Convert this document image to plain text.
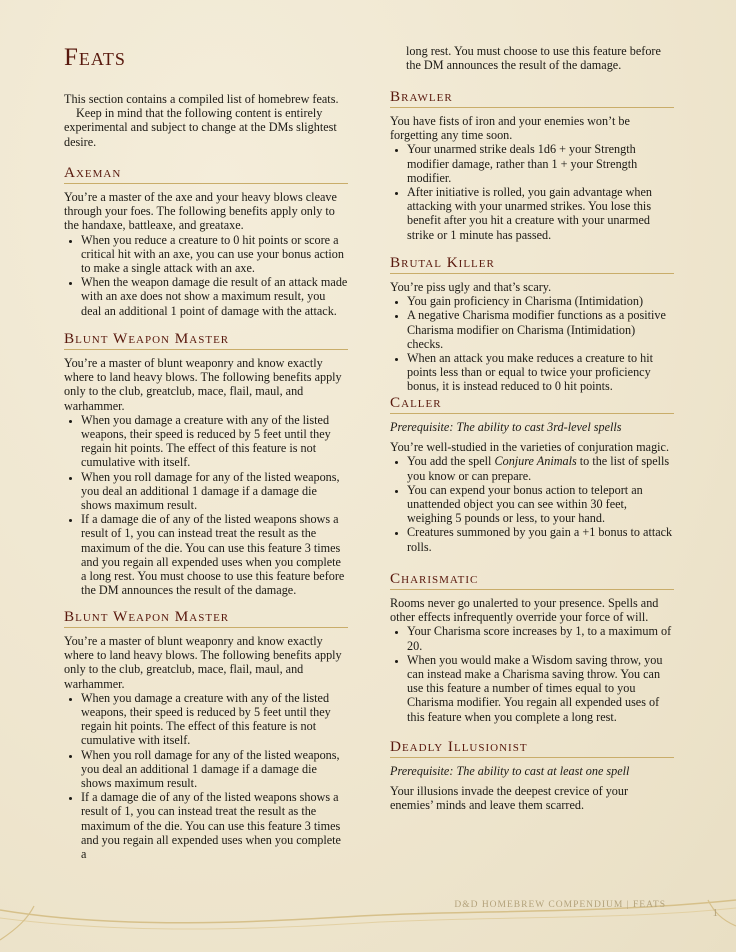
Feats

This section contains a compiled list of homebrew feats.

Keep in mind that the following content is entirely experimental and subject to change at the DMs slightest desire.

Axeman

You’re a master of the axe and your heavy blows cleave through your foes. The following benefits apply only to the handaxe, battleaxe, and greataxe.

• When you reduce a creature to 0 hit points or score a critical hit with an axe, you can use your bonus action to make a single attack with an axe.
• When the weapon damage die result of an attack made with an axe does not show a maximum result, you deal an additional 1 point of damage with the attack.
Blunt Weapon Master

You’re a master of blunt weaponry and know exactly where to land heavy blows. The following benefits apply only to the club, greatclub, mace, flail, maul, and warhammer.

• When you damage a creature with any of the listed weapons, their speed is reduced by 5 feet until they regain hit points. The effect of this feature is not cumulative with itself.
• When you roll damage for any of the listed weapons, you deal an additional 1 damage if a damage die shows maximum result.
• If a damage die of any of the listed weapons shows a result of 1, you can instead treat the result as the maximum of the die. You can use this feature 3 times and you regain all expended uses when you complete a long rest. You must choose to use this feature before the DM announces the result of the damage.
Blunt Weapon Master

You’re a master of blunt weaponry and know exactly where to land heavy blows. The following benefits apply only to the club, greatclub, mace, flail, maul, and warhammer.

• When you damage a creature with any of the listed weapons, their speed is reduced by 5 feet until they regain hit points. The effect of this feature is not cumulative with itself.
• When you roll damage for any of the listed weapons, you deal an additional 1 damage if a damage die shows maximum result.
• If a damage die of any of the listed weapons shows a result of 1, you can instead treat the result as the maximum of the die. You can use this feature 3 times and you regain all expended uses when you complete a

long rest. You must choose to use this feature before the DM announces the result of the damage.

Brawler

You have fists of iron and your enemies won’t be forgetting any time soon.

• Your unarmed strike deals 1d6 + your Strength modifier damage, rather than 1 + your Strength modifier.
• After initiative is rolled, you gain advantage when attacking with your unarmed strikes. You lose this benefit after you hit a creature with your unarmed strike or 1 minute has passed.
Brutal Killer

You’re piss ugly and that’s scary.

• You gain proficiency in Charisma (Intimidation)
• A negative Charisma modifier functions as a positive Charisma modifier on Charisma (Intimidation) checks.
• When an attack you make reduces a creature to hit points less than or equal to twice your proficiency bonus, it is instead reduced to 0 hit points.
Caller

Prerequisite: The ability to cast 3rd-level spells

You’re well-studied in the varieties of conjuration magic.

• You add the spell Conjure Animals to the list of spells you know or can prepare.
• You can expend your bonus action to teleport an unattended object you can see within 30 feet, weighing 5 pounds or less, to your hand.
• Creatures summoned by you gain a +1 bonus to attack rolls.
Charismatic

Rooms never go unalerted to your presence. Spells and other effects infrequently override your force of will.

• Your Charisma score increases by 1, to a maximum of 20.
• When you would make a Wisdom saving throw, you can instead make a Charisma saving throw. You can use this feature a number of times equal to you Charisma modifier. You regain all expended uses of this feature when you complete a long rest.
Deadly Illusionist

Prerequisite: The ability to cast at least one spell

Your illusions invade the deepest crevice of your enemies’ minds and leave them scarred.

D&D HOMEBREW COMPENDIUM | FEATS
1
